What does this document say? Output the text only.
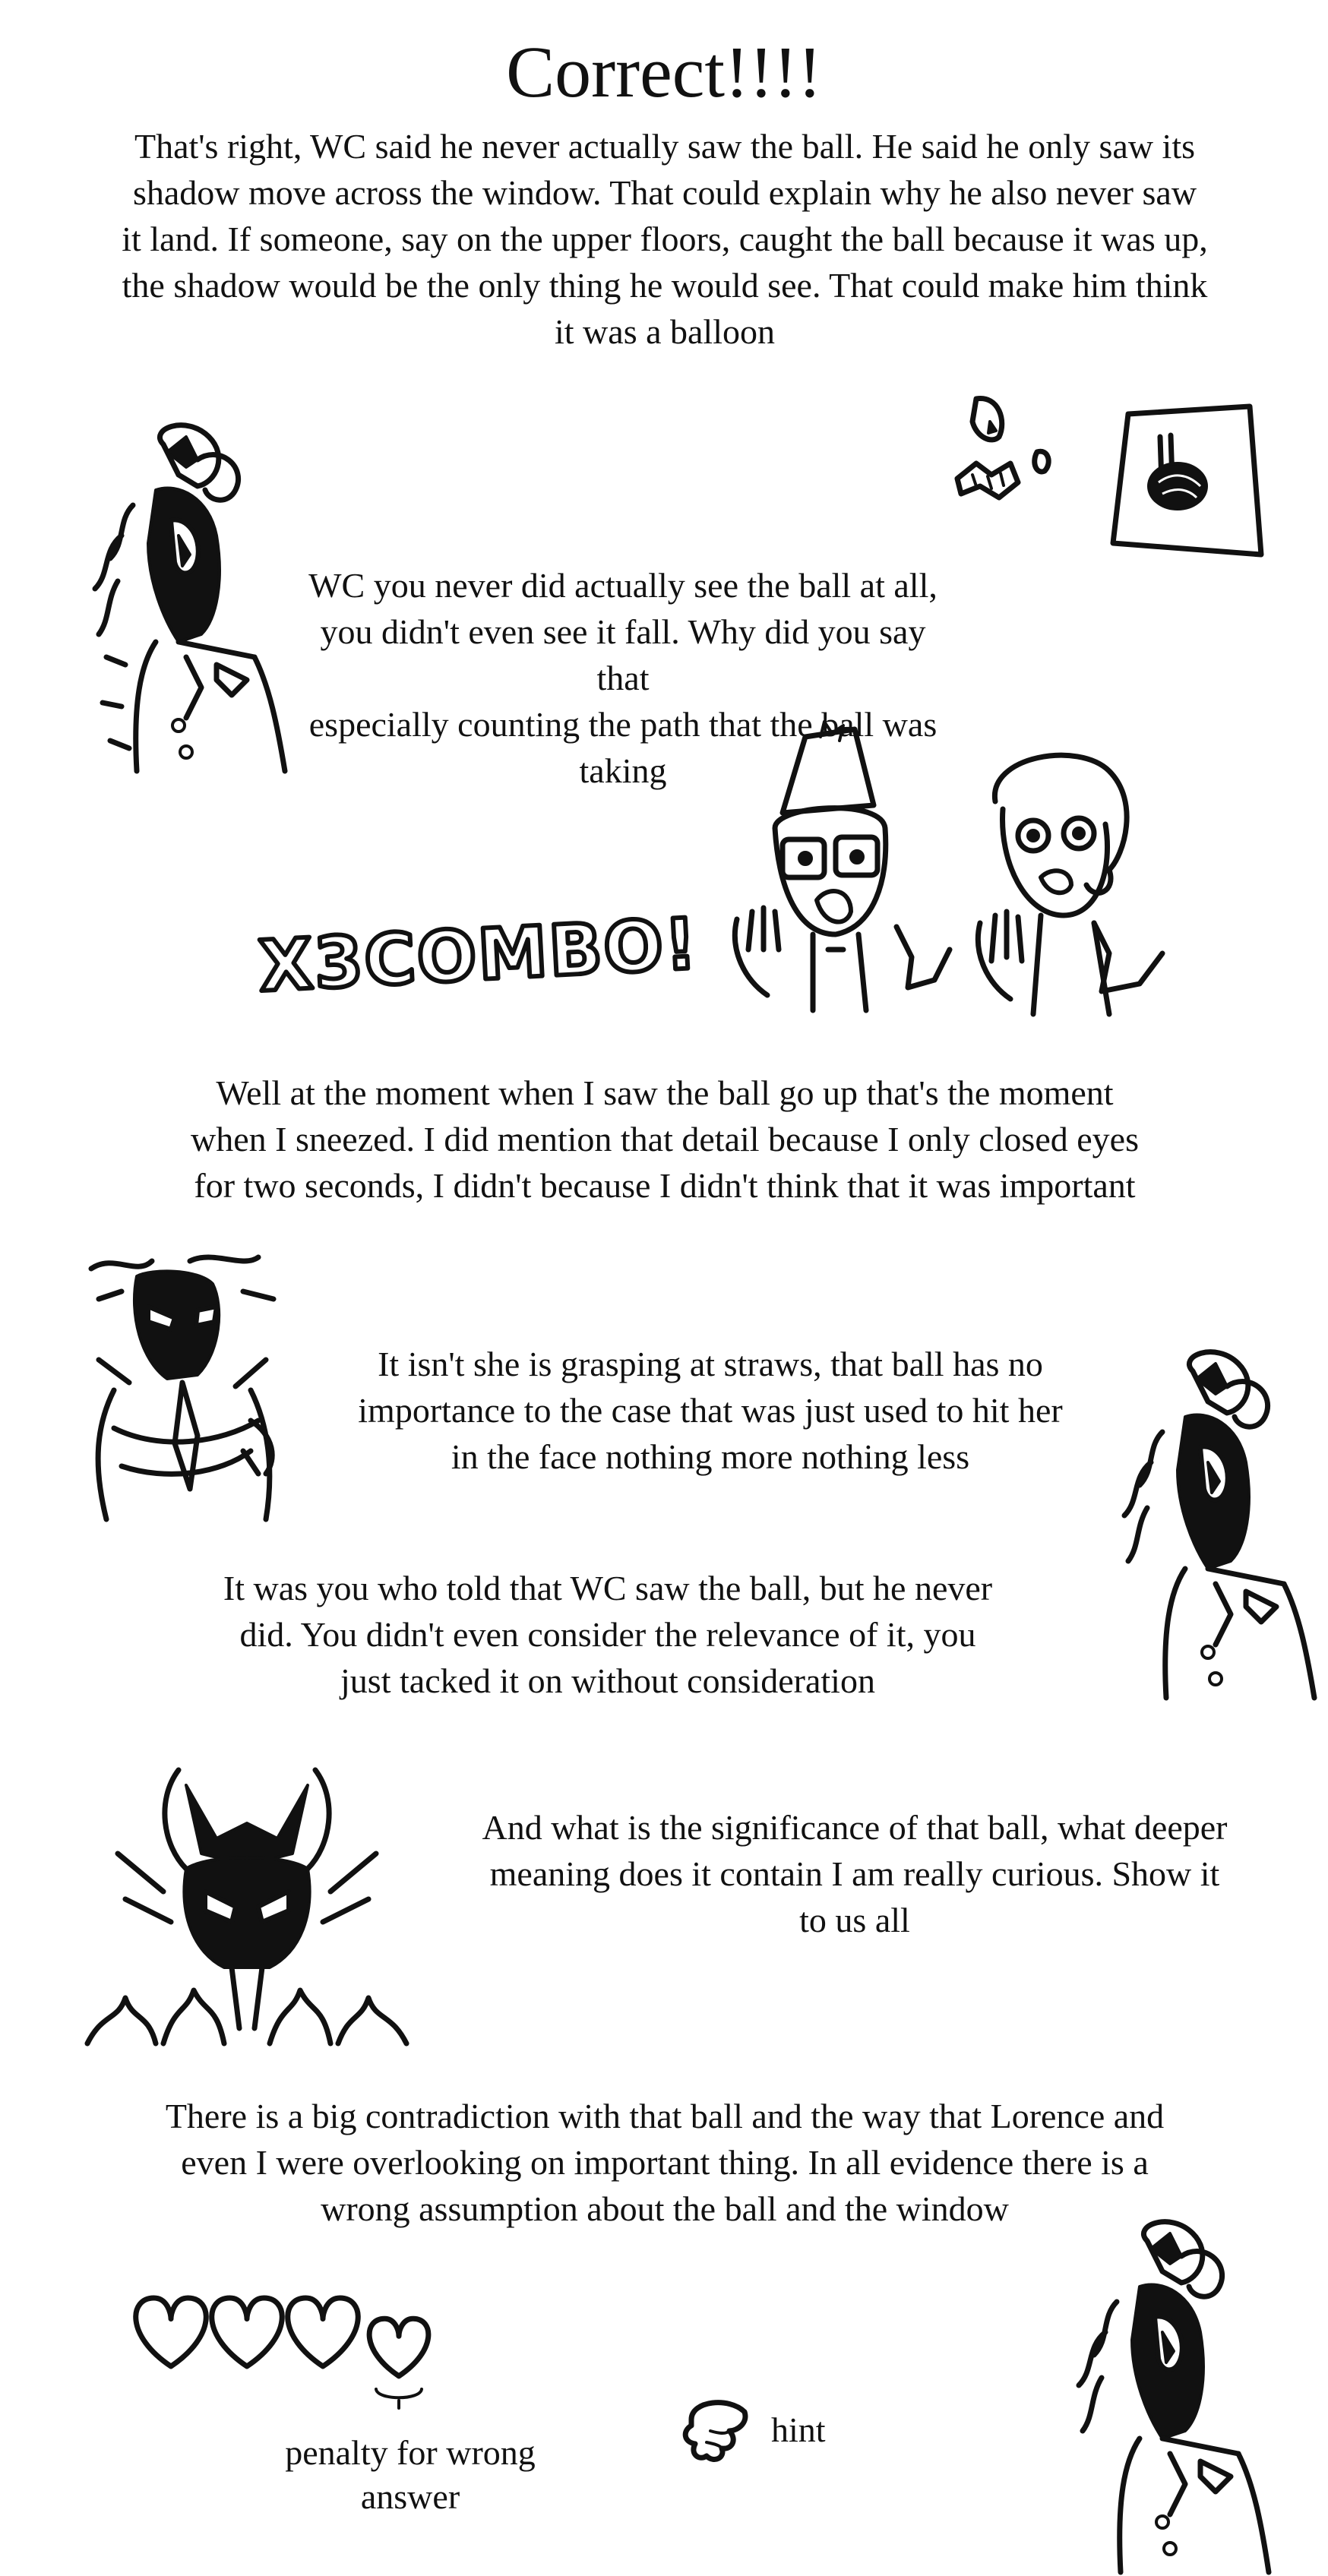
Correct!!!!
That's right, WC said he never actually saw the ball. He said he only saw its
shadow move across the window. That could explain why he also never saw
it land. If someone, say on the upper floors, caught the ball because it was up,
the shadow would be the only thing he would see. That could make him think
it was a balloon
WC you never did actually see the ball at all,
you didn't even see it fall. Why did you say that
especially counting the path that the ball was
taking
X3COMBO!
Well at the moment when I saw the ball go up that's the moment
when I sneezed. I did mention that detail because I only closed eyes
for two seconds, I didn't because I didn't think that it was important
It isn't she is grasping at straws, that ball has no
importance to the case that was just used to hit her
in the face nothing more nothing less
It was you who told that WC saw the ball, but he never
did. You didn't even consider the relevance of it, you
just tacked it on without consideration
And what is the significance of that ball, what deeper
meaning does it contain I am really curious. Show it
to us all
There is a big contradiction with that ball and the way that Lorence and
even I were overlooking on important thing. In all evidence there is a
wrong assumption about the ball and the window
penalty for wrong answer
hint
